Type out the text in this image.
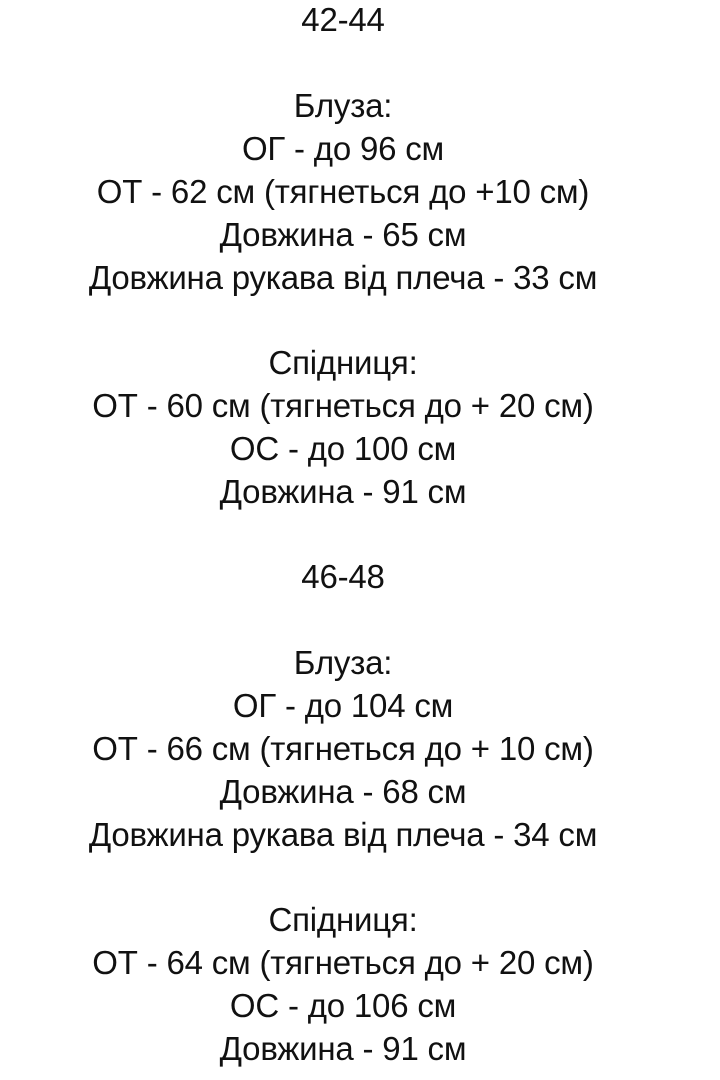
42-44
Блуза:
ОГ - до 96 см
ОТ - 62 см (тягнеться до +10 см)
Довжина - 65 см
Довжина рукава від плеча - 33 см
Спідниця:
ОТ - 60 см (тягнеться до + 20 см)
ОС - до 100 см
Довжина - 91 см
46-48
Блуза:
ОГ - до 104 см
ОТ - 66 см (тягнеться до + 10 см)
Довжина - 68 см
Довжина рукава від плеча - 34 см
Спідниця:
ОТ - 64 см (тягнеться до + 20 см)
ОС - до 106 см
Довжина - 91 см
